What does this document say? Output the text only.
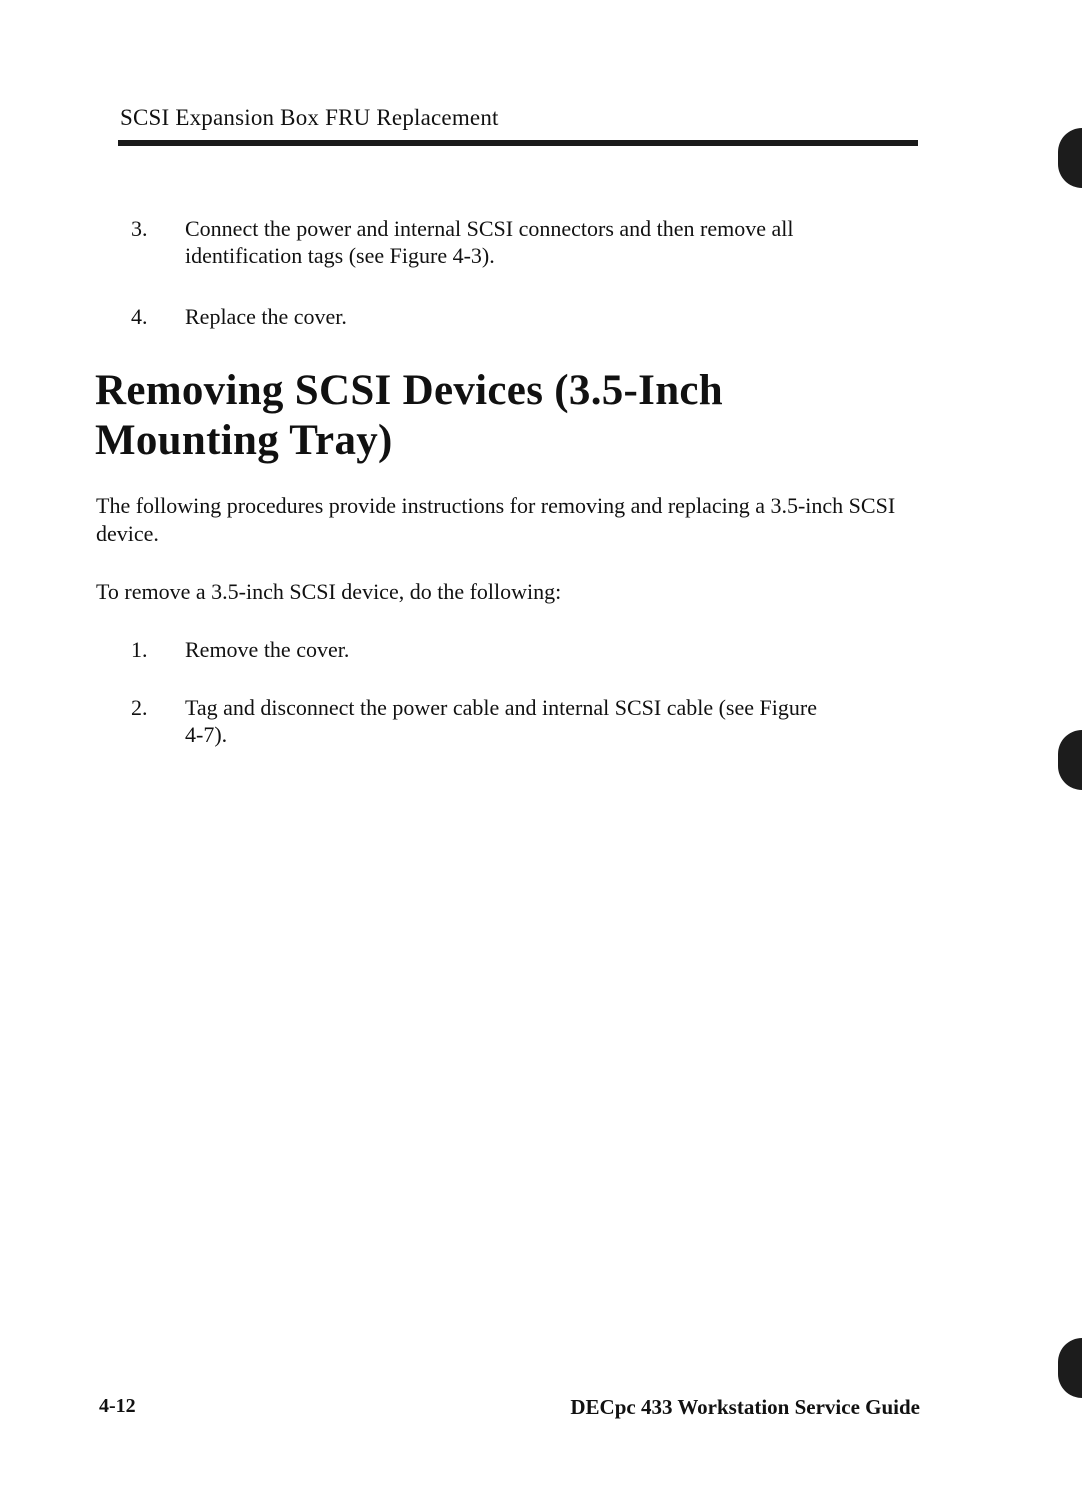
SCSI Expansion Box FRU Replacement
3.	Connect the power and internal SCSI connectors and then remove all identification tags (see Figure 4-3).
4.	Replace the cover.
Removing SCSI Devices (3.5-Inch Mounting Tray)

The following procedures provide instructions for removing and replacing a 3.5-inch SCSI device.

To remove a 3.5-inch SCSI device, do the following:

1.	Remove the cover.
2.	Tag and disconnect the power cable and internal SCSI cable (see Figure 4-7).
4-12	DECpc 433 Workstation Service Guide
